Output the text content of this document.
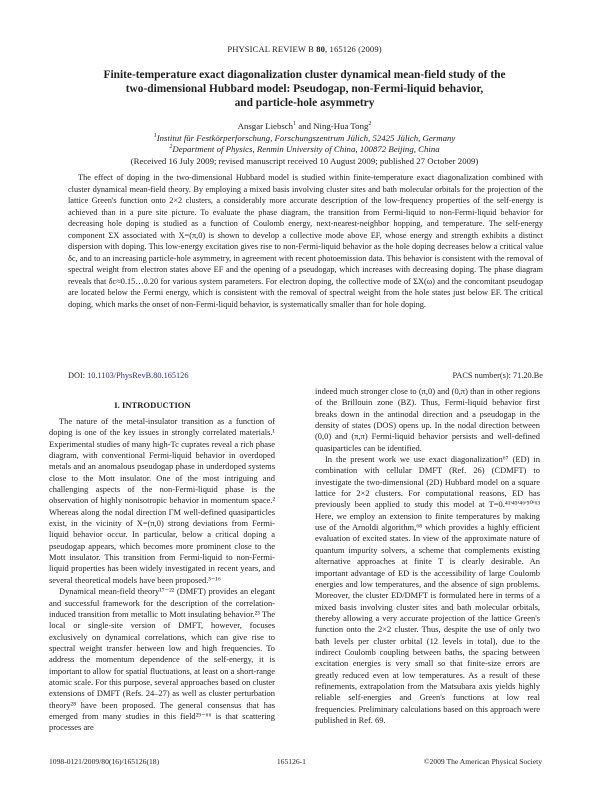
PHYSICAL REVIEW B 80, 165126 (2009)
Finite-temperature exact diagonalization cluster dynamical mean-field study of the
two-dimensional Hubbard model: Pseudogap, non-Fermi-liquid behavior,
and particle-hole asymmetry
Ansgar Liebsch$^1$ and Ning-Hua Tong$^2$
$^1$Institut für Festkörperforschung, Forschungszentrum Jülich, 52425 Jülich, Germany
$^2$Department of Physics, Renmin University of China, 100872 Beijing, China
(Received 16 July 2009; revised manuscript received 10 August 2009; published 27 October 2009)
The effect of doping in the two-dimensional Hubbard model is studied within finite-temperature exact diagonalization combined with cluster dynamical mean-field theory. By employing a mixed basis involving cluster sites and bath molecular orbitals for the projection of the lattice Green's function onto 2×2 clusters, a considerably more accurate description of the low-frequency properties of the self-energy is achieved than in a pure site picture. To evaluate the phase diagram, the transition from Fermi-liquid to non-Fermi-liquid behavior for decreasing hole doping is studied as a function of Coulomb energy, next-nearest-neighbor hopping, and temperature. The self-energy component ΣX associated with X=(π,0) is shown to develop a collective mode above EF, whose energy and strength exhibits a distinct dispersion with doping. This low-energy excitation gives rise to non-Fermi-liquid behavior as the hole doping decreases below a critical value δc, and to an increasing particle-hole asymmetry, in agreement with recent photoemission data. This behavior is consistent with the removal of spectral weight from electron states above EF and the opening of a pseudogap, which increases with decreasing doping. The phase diagram reveals that δc≈0.15…0.20 for various system parameters. For electron doping, the collective mode of ΣX(ω) and the concomitant pseudogap are located below the Fermi energy, which is consistent with the removal of spectral weight from the hole states just below EF. The critical doping, which marks the onset of non-Fermi-liquid behavior, is systematically smaller than for hole doping.
DOI: 10.1103/PhysRevB.80.165126	PACS number(s): 71.20.Be
I. INTRODUCTION

The nature of the metal-insulator transition as a function of doping is one of the key issues in strongly correlated materials.¹ Experimental studies of many high-Tc cuprates reveal a rich phase diagram, with conventional Fermi-liquid behavior in overdoped metals and an anomalous pseudogap phase in underdoped systems close to the Mott insulator. One of the most intriguing and challenging aspects of the non-Fermi-liquid phase is the observation of highly nonisotropic behavior in momentum space.² Whereas along the nodal direction ΓM well-defined quasiparticles exist, in the vicinity of X=(π,0) strong deviations from Fermi-liquid behavior occur. In particular, below a critical doping a pseudogap appears, which becomes more prominent close to the Mott insulator. This transition from Fermi-liquid to non-Fermi-liquid properties has been widely investigated in recent years, and several theoretical models have been proposed.³⁻¹⁶

Dynamical mean-field theory¹⁷⁻²² (DMFT) provides an elegant and successful framework for the description of the correlation-induced transition from metallic to Mott insulating behavior.²³ The local or single-site version of DMFT, however, focuses exclusively on dynamical correlations, which can give rise to spectral weight transfer between low and high frequencies. To address the momentum dependence of the self-energy, it is important to allow for spatial fluctuations, at least on a short-range atomic scale. For this purpose, several approaches based on cluster extensions of DMFT (Refs. 24–27) as well as cluster perturbation theory²⁸ have been proposed. The general consensus that has emerged from many studies in this field²⁹⁻⁶⁶ is that scattering processes are

indeed much stronger close to (π,0) and (0,π) than in other regions of the Brillouin zone (BZ). Thus, Fermi-liquid behavior first breaks down in the antinodal direction and a pseudogap in the density of states (DOS) opens up. In the nodal direction between (0,0) and (π,π) Fermi-liquid behavior persists and well-defined quasiparticles can be identified.

In the present work we use exact diagonalization⁶⁷ (ED) in combination with cellular DMFT (Ref. 26) (CDMFT) to investigate the two-dimensional (2D) Hubbard model on a square lattice for 2×2 clusters. For computational reasons, ED has previously been applied to study this model at T=0.⁴¹'⁴⁵'⁴⁶'⁵⁰'⁶³ Here, we employ an extension to finite temperatures by making use of the Arnoldi algorithm,⁶⁸ which provides a highly efficient evaluation of excited states. In view of the approximate nature of quantum impurity solvers, a scheme that complements existing alternative approaches at finite T is clearly desirable. An important advantage of ED is the accessibility of large Coulomb energies and low temperatures, and the absence of sign problems. Moreover, the cluster ED/DMFT is formulated here in terms of a mixed basis involving cluster sites and bath molecular orbitals, thereby allowing a very accurate projection of the lattice Green's function onto the 2×2 cluster. Thus, despite the use of only two bath levels per cluster orbital (12 levels in total), due to the indirect Coulomb coupling between baths, the spacing between excitation energies is very small so that finite-size errors are greatly reduced even at low temperatures. As a result of these refinements, extrapolation from the Matsubara axis yields highly reliable self-energies and Green's functions at low real frequencies. Preliminary calculations based on this approach were published in Ref. 69.

1098-0121/2009/80(16)/165126(18)	165126-1	©2009 The American Physical Society
